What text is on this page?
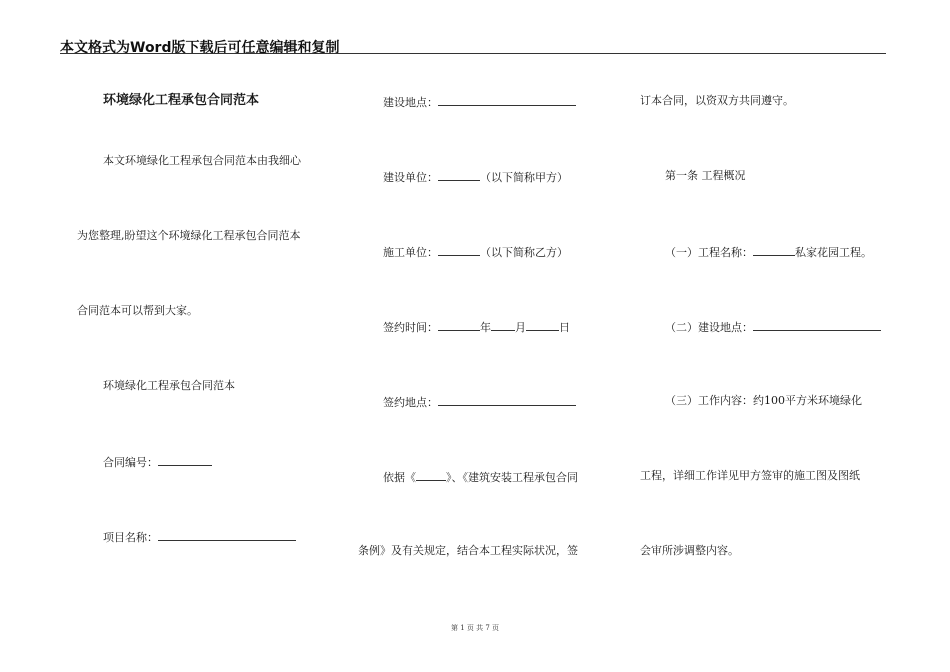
本文格式为Word版下载后可任意编辑和复制
环境绿化工程承包合同范本
本文环境绿化工程承包合同范本由我细心
为您整理,盼望这个环境绿化工程承包合同范本
合同范本可以帮到大家。
环境绿化工程承包合同范本
合同编号：
项目名称：
建设地点：
建设单位：	（以下简称甲方）
施工单位：	（以下简称乙方）
签约时间：	年 月	日
签约地点：
依据《	》、《建筑安装工程承包合同
条例》及有关规定，结合本工程实际状况，签
订本合同，以资双方共同遵守。
第一条 工程概况
（一）工程名称：	私家花园工程。
（二）建设地点：
（三）工作内容：约100平方米环境绿化
工程，详细工作详见甲方签审的施工图及图纸
会审所涉调整内容。
第 1 页 共 7 页
